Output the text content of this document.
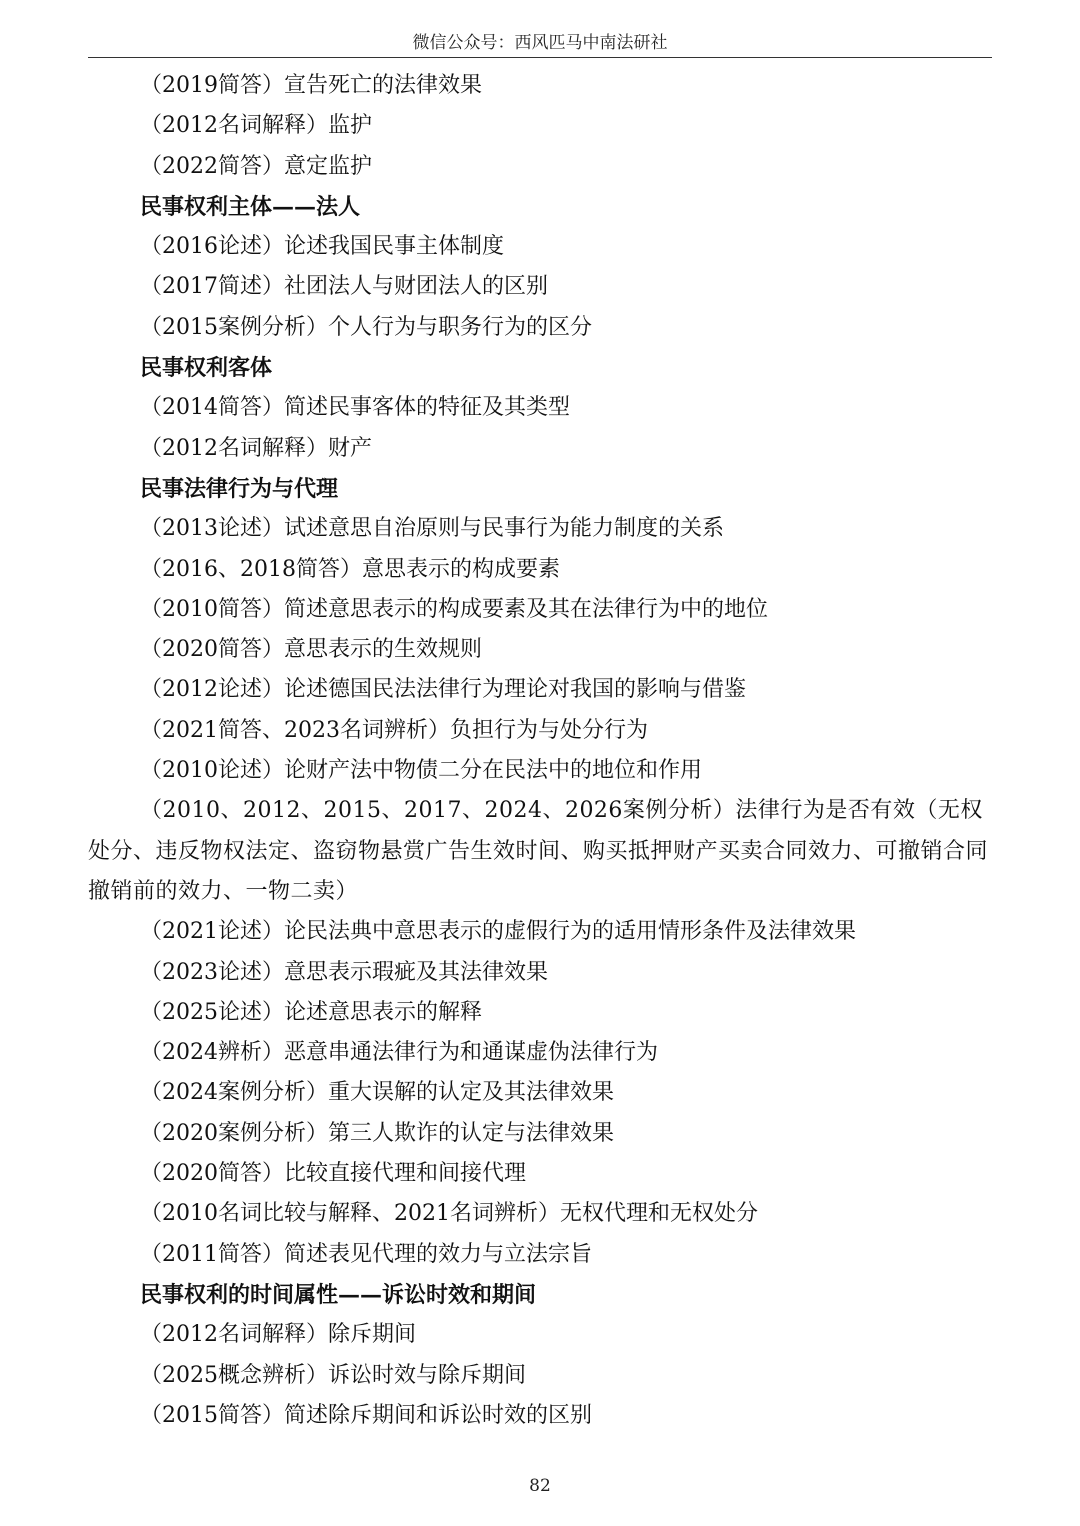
微信公众号：西风匹马中南法研社
（2019简答）宣告死亡的法律效果
（2012名词解释）监护
（2022简答）意定监护
民事权利主体——法人
（2016论述）论述我国民事主体制度
（2017简述）社团法人与财团法人的区别
（2015案例分析）个人行为与职务行为的区分
民事权利客体
（2014简答）简述民事客体的特征及其类型
（2012名词解释）财产
民事法律行为与代理
（2013论述）试述意思自治原则与民事行为能力制度的关系
（2016、2018简答）意思表示的构成要素
（2010简答）简述意思表示的构成要素及其在法律行为中的地位
（2020简答）意思表示的生效规则
（2012论述）论述德国民法法律行为理论对我国的影响与借鉴
（2021简答、2023名词辨析）负担行为与处分行为
（2010论述）论财产法中物债二分在民法中的地位和作用
（2010、2012、2015、2017、2024、2026案例分析）法律行为是否有效（无权处分、违反物权法定、盗窃物悬赏广告生效时间、购买抵押财产买卖合同效力、可撤销合同撤销前的效力、一物二卖）
（2021论述）论民法典中意思表示的虚假行为的适用情形条件及法律效果
（2023论述）意思表示瑕疵及其法律效果
（2025论述）论述意思表示的解释
（2024辨析）恶意串通法律行为和通谋虚伪法律行为
（2024案例分析）重大误解的认定及其法律效果
（2020案例分析）第三人欺诈的认定与法律效果
（2020简答）比较直接代理和间接代理
（2010名词比较与解释、2021名词辨析）无权代理和无权处分
（2011简答）简述表见代理的效力与立法宗旨
民事权利的时间属性——诉讼时效和期间
（2012名词解释）除斥期间
（2025概念辨析）诉讼时效与除斥期间
（2015简答）简述除斥期间和诉讼时效的区别
82
